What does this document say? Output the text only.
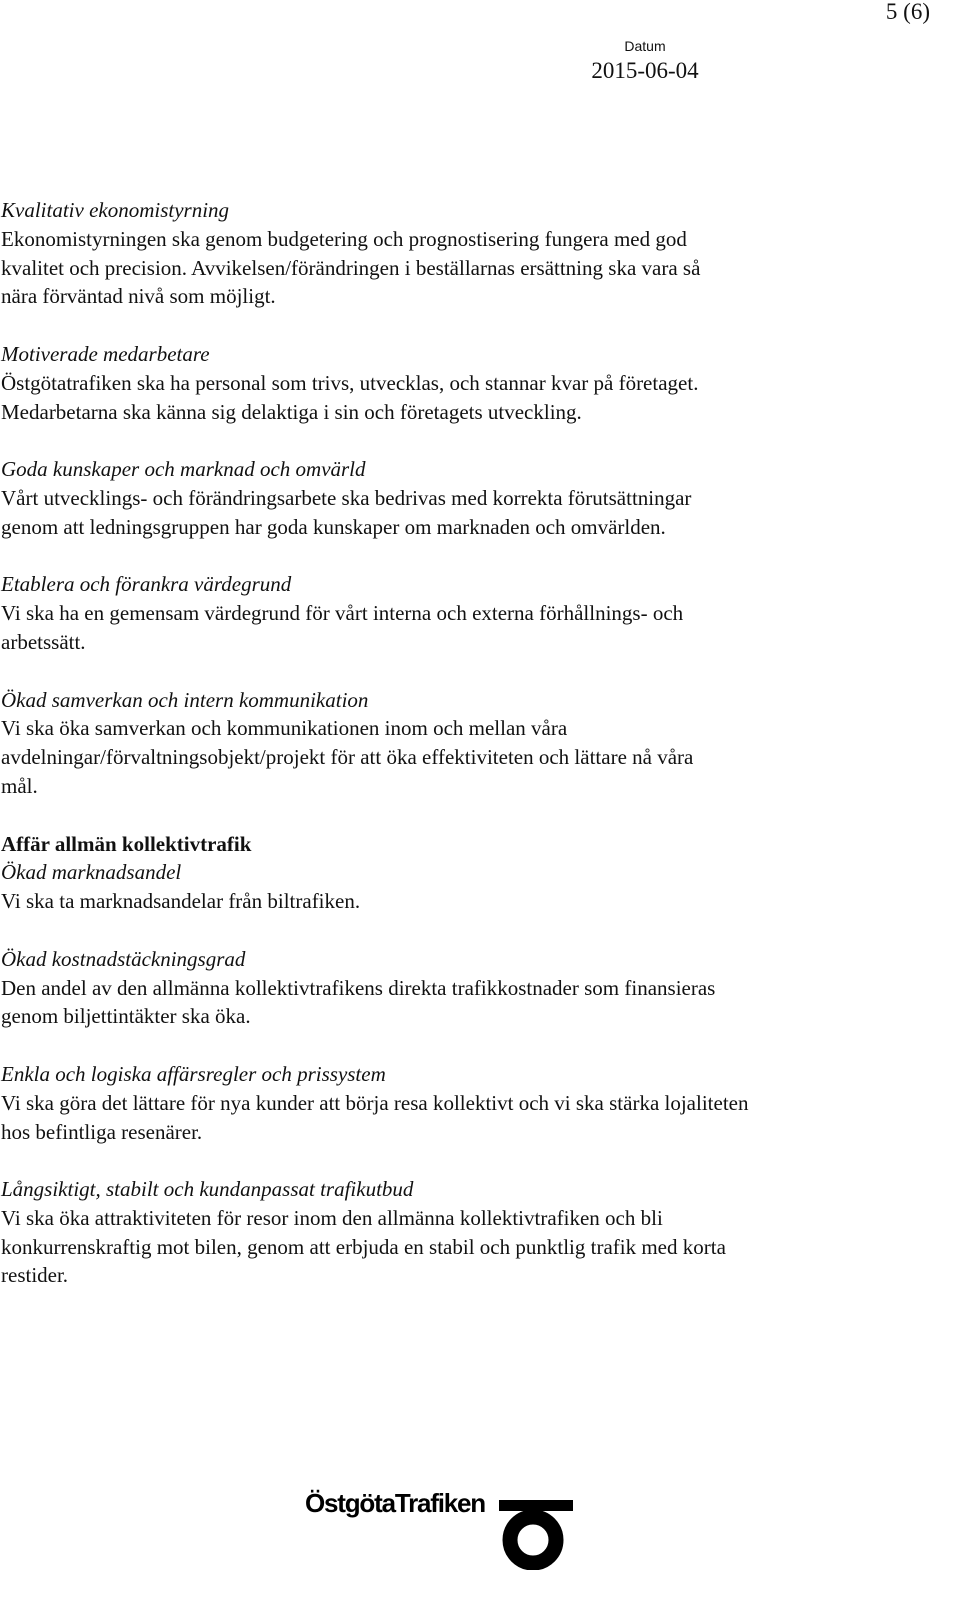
5 (6)
Datum
2015-06-04

Kvalitativ ekonomistyrning

Ekonomistyrningen ska genom budgetering och prognostisering fungera med god

kvalitet och precision. Avvikelsen/förändringen i beställarnas ersättning ska vara så

nära förväntad nivå som möjligt.

Motiverade medarbetare

Östgötatrafiken ska ha personal som trivs, utvecklas, och stannar kvar på företaget.

Medarbetarna ska känna sig delaktiga i sin och företagets utveckling.

Goda kunskaper och marknad och omvärld

Vårt utvecklings- och förändringsarbete ska bedrivas med korrekta förutsättningar

genom att ledningsgruppen har goda kunskaper om marknaden och omvärlden.

Etablera och förankra värdegrund

Vi ska ha en gemensam värdegrund för vårt interna och externa förhållnings- och

arbetssätt.

Ökad samverkan och intern kommunikation

Vi ska öka samverkan och kommunikationen inom och mellan våra

avdelningar/förvaltningsobjekt/projekt för att öka effektiviteten och lättare nå våra

mål.

Affär allmän kollektivtrafik

Ökad marknadsandel

Vi ska ta marknadsandelar från biltrafiken.

Ökad kostnadstäckningsgrad

Den andel av den allmänna kollektivtrafikens direkta trafikkostnader som finansieras

genom biljettintäkter ska öka.

Enkla och logiska affärsregler och prissystem

Vi ska göra det lättare för nya kunder att börja resa kollektivt och vi ska stärka lojaliteten

hos befintliga resenärer.

Långsiktigt, stabilt och kundanpassat trafikutbud

Vi ska öka attraktiviteten för resor inom den allmänna kollektivtrafiken och bli

konkurrenskraftig mot bilen, genom att erbjuda en stabil och punktlig trafik med korta

restider.

ÖstgötaTrafiken
